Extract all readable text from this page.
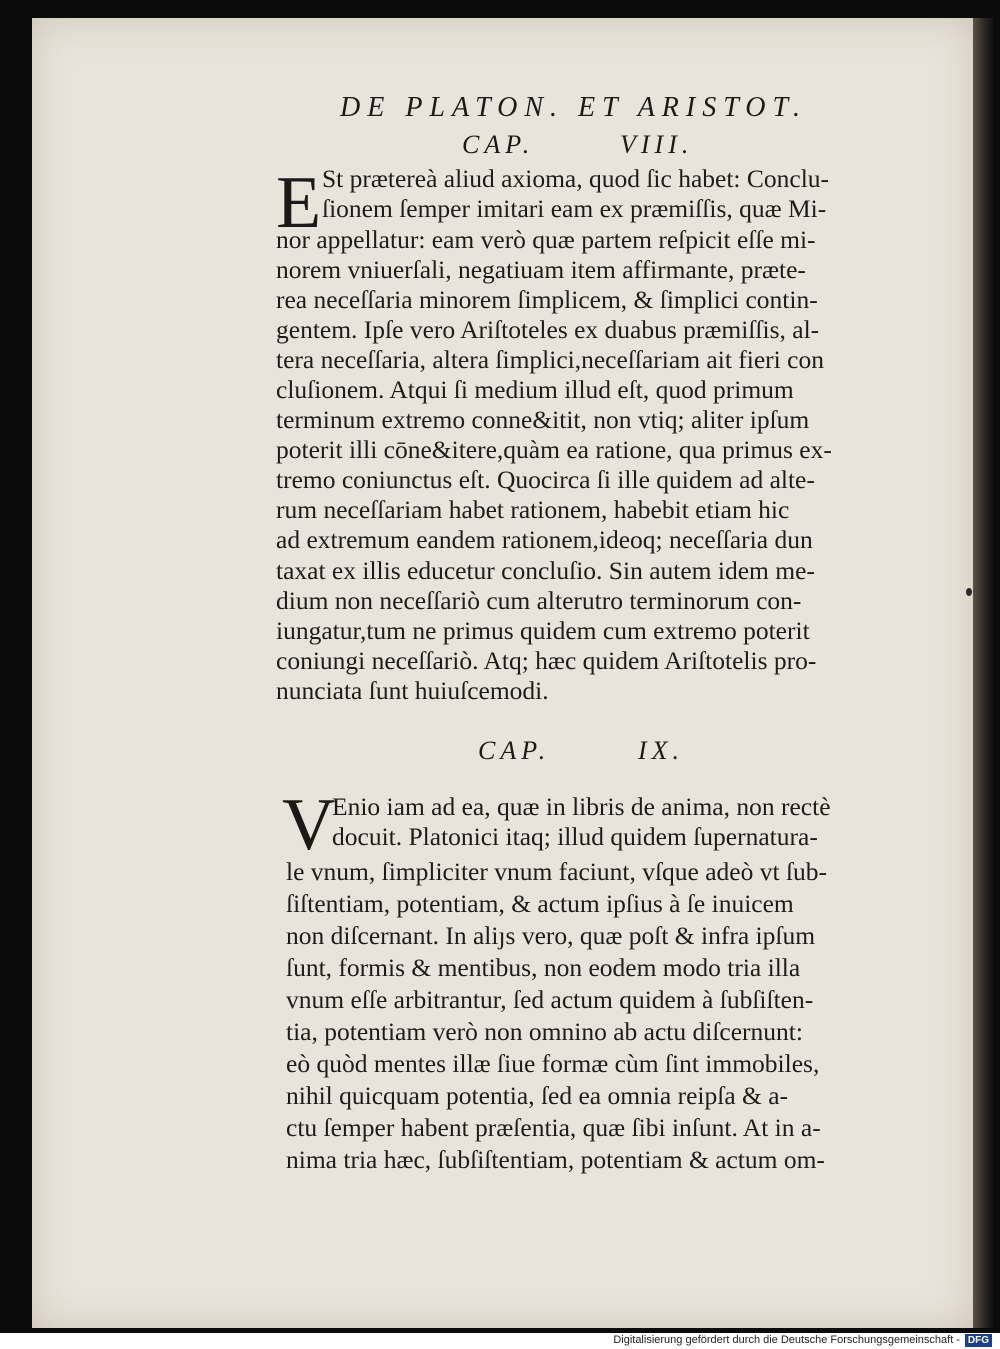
DE PLATON. ET ARISTOT.
CAP.	VIII.
E St prætereà aliud axioma, quod ſic habet: Conclu-
ſionem ſemper imitari eam ex præmiſſis, quæ Mi-
nor appellatur: eam verò quæ partem reſpicit eſſe mi-
norem vniuerſali, negatiuam item affirmante, præte-
rea neceſſaria minorem ſimplicem, & ſimplici contin-
gentem. Ipſe vero Ariſtoteles ex duabus præmiſſis, al-
tera neceſſaria, altera ſimplici,neceſſariam ait fieri con
cluſionem. Atqui ſi medium illud eſt, quod primum
terminum extremo conne&itit, non vtiq; aliter ipſum
poterit illi cōne&itere,quàm ea ratione, qua primus ex-
tremo coniunctus eſt. Quocirca ſi ille quidem ad alte-
rum neceſſariam habet rationem, habebit etiam hic
ad extremum eandem rationem,ideoq; neceſſaria dun
taxat ex illis educetur concluſio. Sin autem idem me-
dium non neceſſariò cum alterutro terminorum con-
iungatur,tum ne primus quidem cum extremo poterit
coniungi neceſſariò. Atq; hæc quidem Ariſtotelis pro-
nunciata ſunt huiuſcemodi.
CAP.	IX.
V
Enio iam ad ea, quæ in libris de anima, non rectè
docuit. Platonici itaq; illud quidem ſupernatura-
le vnum, ſimpliciter vnum faciunt, vſque adeò vt ſub-
ſiſtentiam, potentiam, & actum ipſius à ſe inuicem
non diſcernant. In aliȷs vero, quæ poſt & infra ipſum
ſunt, formis & mentibus, non eodem modo tria illa
vnum eſſe arbitrantur, ſed actum quidem à ſubſiſten-
tia, potentiam verò non omnino ab actu diſcernunt:
eò quòd mentes illæ ſiue formæ cùm ſint immobiles,
nihil quicquam potentia, ſed ea omnia reipſa & a-
ctu ſemper habent præſentia, quæ ſibi inſunt. At in a-
nima tria hæc, ſubſiſtentiam, potentiam & actum om-
Digitalisierung gefördert durch die Deutsche Forschungsgemeinschaft - DFG
